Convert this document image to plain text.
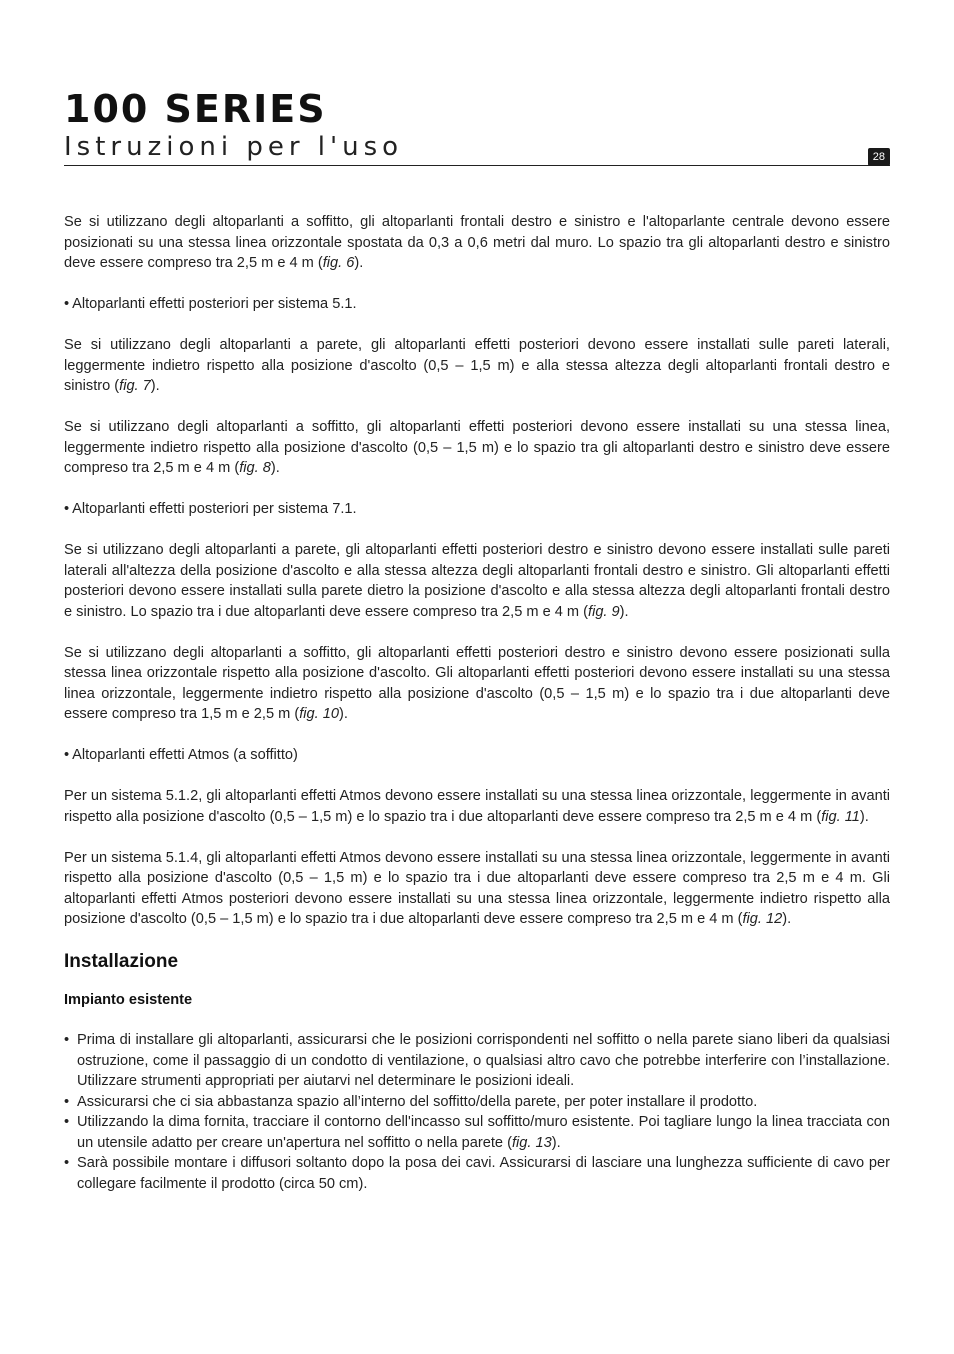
100 SERIES

Istruzioni per l'uso	28

Se si utilizzano degli altoparlanti a soffitto, gli altoparlanti frontali destro e sinistro e l'altoparlante centrale devono essere posizionati su una stessa linea orizzontale spostata da 0,3 a 0,6 metri dal muro. Lo spazio tra gli altoparlanti destro e sinistro deve essere compreso tra 2,5 m e 4 m (fig. 6).

• Altoparlanti effetti posteriori per sistema 5.1.

Se si utilizzano degli altoparlanti a parete, gli altoparlanti effetti posteriori devono essere installati sulle pareti laterali, leggermente indietro rispetto alla posizione d'ascolto (0,5 – 1,5 m) e alla stessa altezza degli altoparlanti frontali destro e sinistro (fig. 7).

Se si utilizzano degli altoparlanti a soffitto, gli altoparlanti effetti posteriori devono essere installati su una stessa linea, leggermente indietro rispetto alla posizione d'ascolto (0,5 – 1,5 m) e lo spazio tra gli altoparlanti destro e sinistro deve essere compreso tra 2,5 m e 4 m (fig. 8).

• Altoparlanti effetti posteriori per sistema 7.1.

Se si utilizzano degli altoparlanti a parete, gli altoparlanti effetti posteriori destro e sinistro devono essere installati sulle pareti laterali all'altezza della posizione d'ascolto e alla stessa altezza degli altoparlanti frontali destro e sinistro. Gli altoparlanti effetti posteriori devono essere installati sulla parete dietro la posizione d'ascolto e alla stessa altezza degli altoparlanti frontali destro e sinistro. Lo spazio tra i due altoparlanti deve essere compreso tra 2,5 m e 4 m (fig. 9).

Se si utilizzano degli altoparlanti a soffitto, gli altoparlanti effetti posteriori destro e sinistro devono essere posizionati sulla stessa linea orizzontale rispetto alla posizione d'ascolto. Gli altoparlanti effetti posteriori devono essere installati su una stessa linea orizzontale, leggermente indietro rispetto alla posizione d'ascolto (0,5 – 1,5 m) e lo spazio tra i due altoparlanti deve essere compreso tra 1,5 m e 2,5 m (fig. 10).

• Altoparlanti effetti Atmos (a soffitto)

Per un sistema 5.1.2, gli altoparlanti effetti Atmos devono essere installati su una stessa linea orizzontale, leggermente in avanti rispetto alla posizione d'ascolto (0,5 – 1,5 m) e lo spazio tra i due altoparlanti deve essere compreso tra 2,5 m e 4 m (fig. 11).

Per un sistema 5.1.4, gli altoparlanti effetti Atmos devono essere installati su una stessa linea orizzontale, leggermente in avanti rispetto alla posizione d'ascolto (0,5 – 1,5 m) e lo spazio tra i due altoparlanti deve essere compreso tra 2,5 m e 4 m. Gli altoparlanti effetti Atmos posteriori devono essere installati su una stessa linea orizzontale, leggermente indietro rispetto alla posizione d'ascolto (0,5 – 1,5 m) e lo spazio tra i due altoparlanti deve essere compreso tra 2,5 m e 4 m (fig. 12).

Installazione
Impianto esistente
• Prima di installare gli altoparlanti, assicurarsi che le posizioni corrispondenti nel soffitto o nella parete siano liberi da qualsiasi ostruzione, come il passaggio di un condotto di ventilazione, o qualsiasi altro cavo che potrebbe interferire con l’installazione. Utilizzare strumenti appropriati per aiutarvi nel determinare le posizioni ideali.
• Assicurarsi che ci sia abbastanza spazio all’interno del soffitto/della parete, per poter installare il prodotto.
• Utilizzando la dima fornita, tracciare il contorno dell'incasso sul soffitto/muro esistente. Poi tagliare lungo la linea tracciata con un utensile adatto per creare un'apertura nel soffitto o nella parete (fig. 13).
• Sarà possibile montare i diffusori soltanto dopo la posa dei cavi. Assicurarsi di lasciare una lunghezza sufficiente di cavo per collegare facilmente il prodotto (circa 50 cm).
